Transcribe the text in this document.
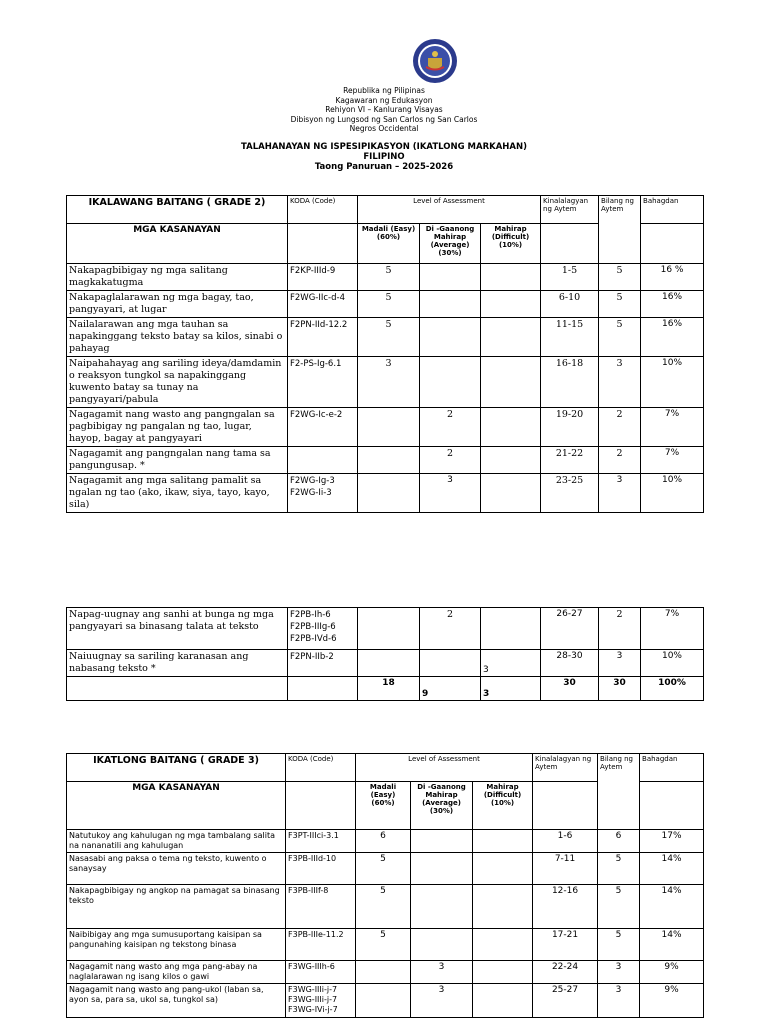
Republika ng Pilipinas
Kagawaran ng Edukasyon
Rehiyon VI – Kanlurang Visayas
Dibisyon ng Lungsod ng San Carlos ng San Carlos
Negros Occidental
TALAHANAYAN NG ISPESIPIKASYON (IKATLONG MARKAHAN)
FILIPINO
Taong Panuruan – 2025-2026
IKALAWANG BAITANG ( GRADE 2)	KODA (Code)	Level of Assessment			Kinalalagyan ng Aytem	Bilang ng Aytem	Bahagdan
MGA KASANAYAN		Madali (Easy) (60%)	Di -Gaanong Mahirap (Average) (30%)	Mahirap (Difficult) (10%)			
Nakapagbibigay ng mga salitang magkakatugma	F2KP-IIId-9	5			1-5	5	16 %
Nakapaglalarawan ng mga bagay, tao, pangyayari, at lugar	F2WG-IIc-d-4	5			6-10	5	16%
Nailalarawan ang mga tauhan sa napakinggang teksto batay sa kilos, sinabi o pahayag	F2PN-IId-12.2	5			11-15	5	16%
Naipahahayag ang sariling ideya/damdamin o reaksyon tungkol sa napakinggang kuwento batay sa tunay na pangyayari/pabula	F2-PS-Ig-6.1	3			16-18	3	10%
Nagagamit nang wasto ang pangngalan sa pagbibigay ng pangalan ng tao, lugar, hayop, bagay at pangyayari	F2WG-Ic-e-2		2		19-20	2	7%
Nagagamit ang pangngalan nang tama sa pangungusap. *			2		21-22	2	7%
Nagagamit ang mga salitang pamalit sa ngalan ng tao (ako, ikaw, siya, tayo, kayo, sila)	F2WG-Ig-3 F2WG-Ii-3		3		23-25	3	10%
Napag-uugnay ang sanhi at bunga ng mga pangyayari sa binasang talata at teksto	F2PB-Ih-6 F2PB-IIIg-6 F2PB-IVd-6		2		26-27	2	7%
Naiuugnay sa sariling karanasan ang nabasang teksto *	F2PN-IIb-2			3	28-30	3	10%
		18	9	3	30	30	100%
IKATLONG BAITANG ( GRADE 3)	KODA (Code)	Level of Assessment			Kinalalagyan ng Aytem	Bilang ng Aytem	Bahagdan
MGA KASANAYAN		Madali (Easy) (60%)	Di -Gaanong Mahirap (Average) (30%)	Mahirap (Difficult) (10%)			
Natutukoy ang kahulugan ng mga tambalang salita na nananatili ang kahulugan	F3PT-IIIci-3.1	6			1-6	6	17%
Nasasabi ang paksa o tema ng teksto, kuwento o sanaysay	F3PB-IIId-10	5			7-11	5	14%
Nakapagbibigay ng angkop na pamagat sa binasang teksto	F3PB-IIIf-8	5			12-16	5	14%
Naibibigay ang mga sumusuportang kaisipan sa pangunahing kaisipan ng tekstong binasa	F3PB-IIIe-11.2	5			17-21	5	14%
Nagagamit nang wasto ang mga pang-abay na naglalarawan ng isang kilos o gawi	F3WG-IIIh-6		3		22-24	3	9%
Nagagamit nang wasto ang pang-ukol (laban sa, ayon sa, para sa, ukol sa, tungkol sa)	F3WG-IIIi-j-7 F3WG-IIIi-j-7 F3WG-IVi-j-7		3		25-27	3	9%
